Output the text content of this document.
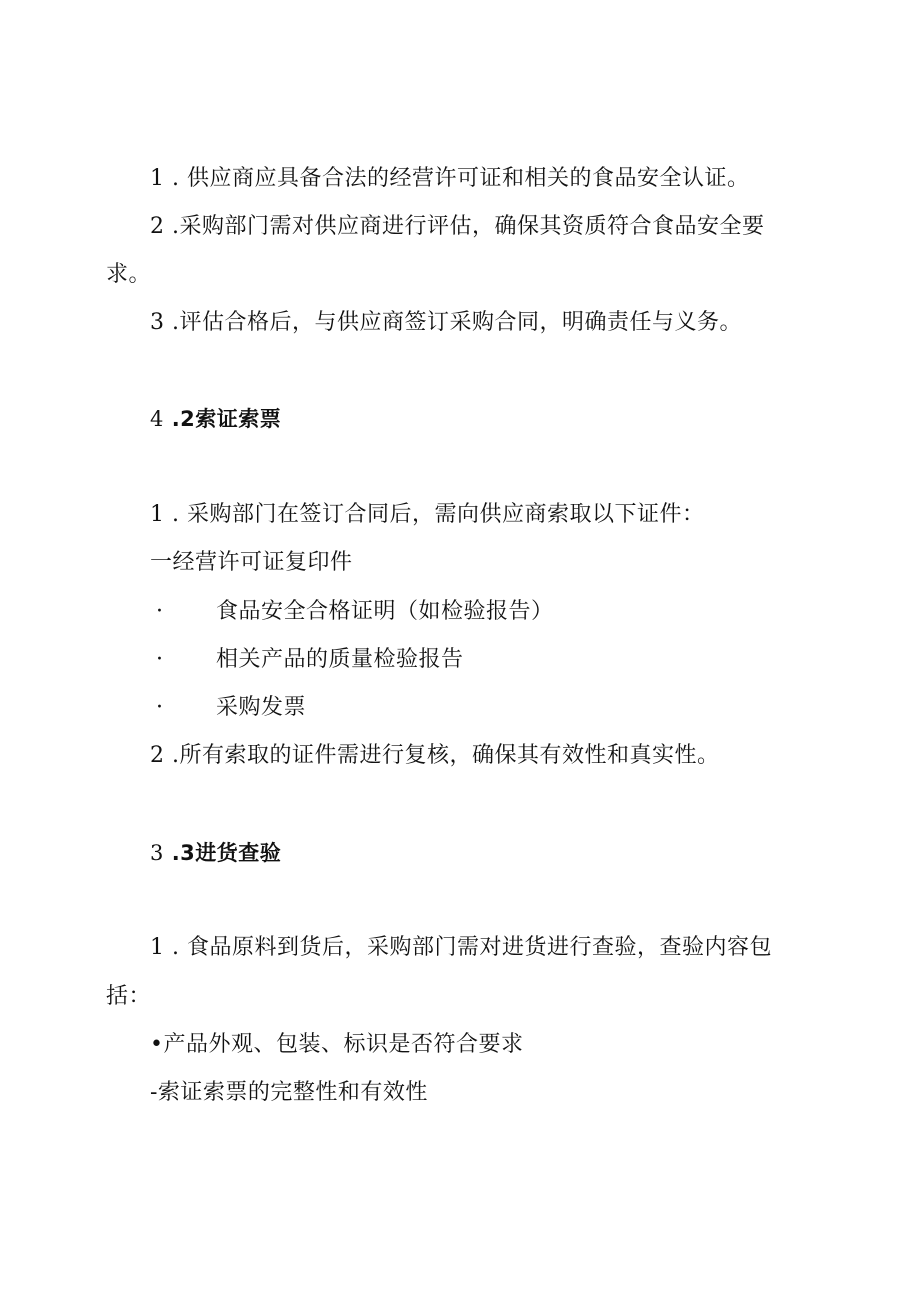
1 . 供应商应具备合法的经营许可证和相关的食品安全认证。
2 .采购部门需对供应商进行评估，确保其资质符合食品安全要
求。
3 .评估合格后，与供应商签订采购合同，明确责任与义务。
4 .2索证索票
1 . 采购部门在签订合同后，需向供应商索取以下证件：
一经营许可证复印件
· 食品安全合格证明（如检验报告）
· 相关产品的质量检验报告
· 采购发票
2 .所有索取的证件需进行复核，确保其有效性和真实性。
3 .3进货查验
1 . 食品原料到货后，采购部门需对进货进行查验，查验内容包
括：
•产品外观、包装、标识是否符合要求
-索证索票的完整性和有效性
